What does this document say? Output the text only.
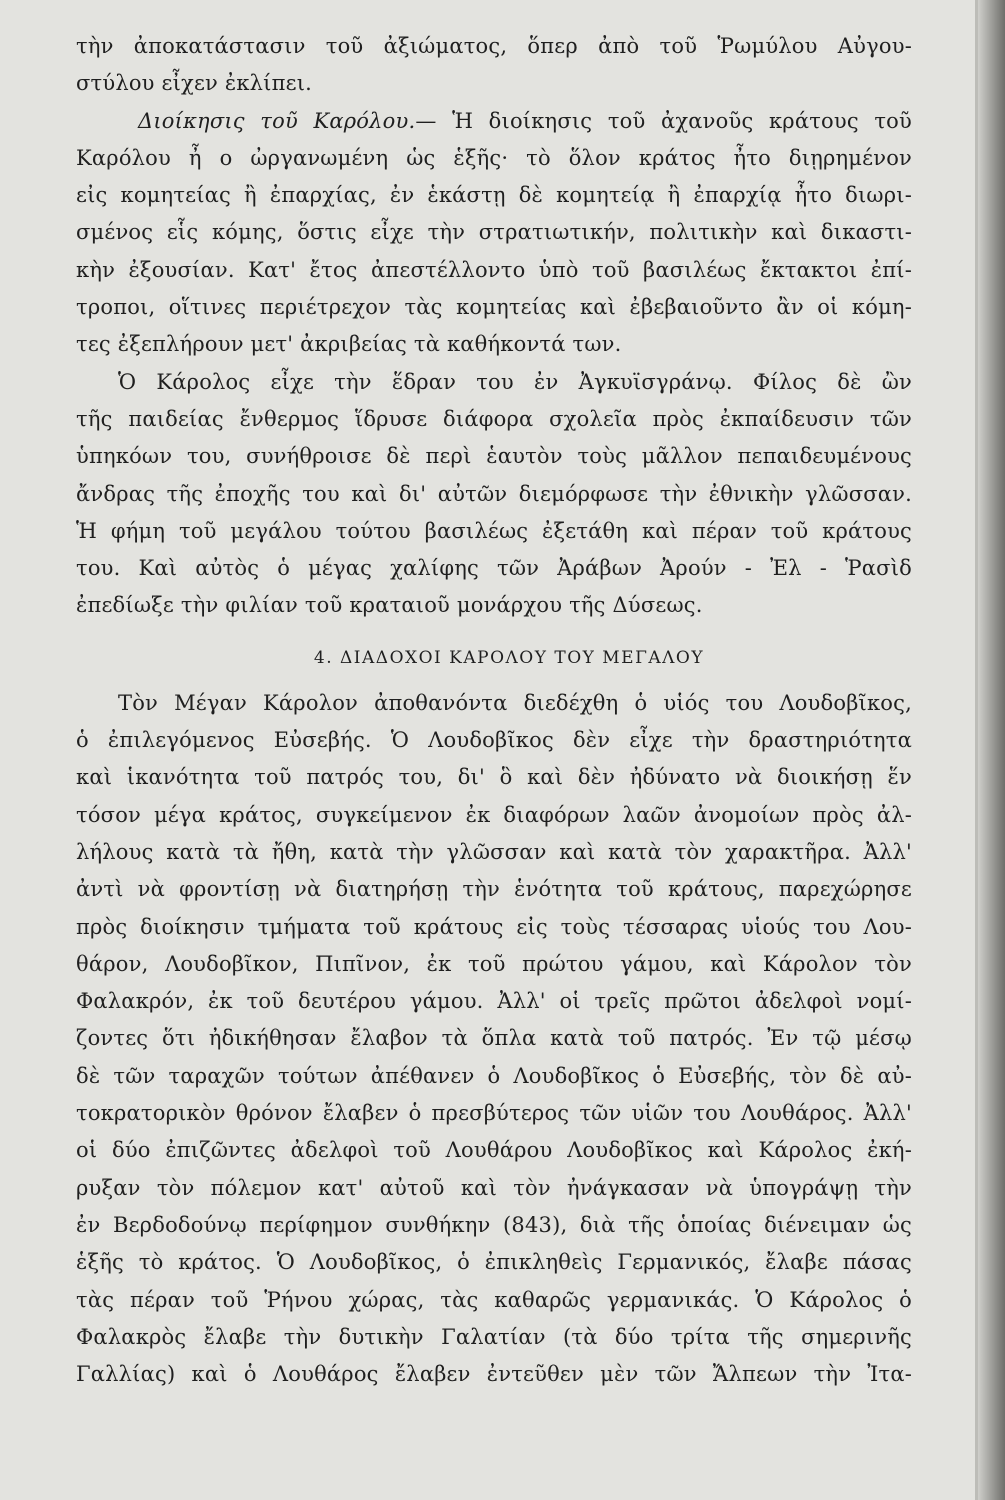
τὴν ἀποκατάστασιν τοῦ ἀξιώματος, ὅπερ ἀπὸ τοῦ Ῥωμύλου Αὐγου-
στύλου εἶχεν ἐκλίπει.
Διοίκησις τοῦ Καρόλου.— Ἡ διοίκησις τοῦ ἀχανοῦς κράτους τοῦ
Καρόλου ἦ ο ὠργανωμένη ὡς ἑξῆς· τὸ ὅλον κράτος ἦτο διῃρημένον
εἰς κομητείας ἢ ἐπαρχίας, ἐν ἑκάστῃ δὲ κομητείᾳ ἢ ἐπαρχίᾳ ἦτο διωρι-
σμένος εἷς κόμης, ὅστις εἶχε τὴν στρατιωτικήν, πολιτικὴν καὶ δικαστι-
κὴν ἐξουσίαν. Κατ' ἔτος ἀπεστέλλοντο ὑπὸ τοῦ βασιλέως ἔκτακτοι ἐπί-
τροποι, οἵτινες περιέτρεχον τὰς κομητείας καὶ ἐβεβαιοῦντο ἂν οἱ κόμη-
τες ἐξεπλήρουν μετ' ἀκριβείας τὰ καθήκοντά των.
Ὁ Κάρολος εἶχε τὴν ἕδραν του ἐν Ἀγκυϊσγράνῳ. Φίλος δὲ ὢν
τῆς παιδείας ἔνθερμος ἵδρυσε διάφορα σχολεῖα πρὸς ἐκπαίδευσιν τῶν
ὑπηκόων του, συνήθροισε δὲ περὶ ἑαυτὸν τοὺς μᾶλλον πεπαιδευμένους
ἄνδρας τῆς ἐποχῆς του καὶ δι' αὐτῶν διεμόρφωσε τὴν ἐθνικὴν γλῶσσαν.
Ἡ φήμη τοῦ μεγάλου τούτου βασιλέως ἐξετάθη καὶ πέραν τοῦ κράτους
του. Καὶ αὐτὸς ὁ μέγας χαλίφης τῶν Ἀράβων Ἀρούν - Ἐλ - Ῥασὶδ
ἐπεδίωξε τὴν φιλίαν τοῦ κραταιοῦ μονάρχου τῆς Δύσεως.
4. ΔΙΑΔΟΧΟΙ ΚΑΡΟΛΟΥ ΤΟΥ ΜΕΓΑΛΟΥ
Τὸν Μέγαν Κάρολον ἀποθανόντα διεδέχθη ὁ υἱός του Λουδοβῖκος,
ὁ ἐπιλεγόμενος Εὐσεβής. Ὁ Λουδοβῖκος δὲν εἶχε τὴν δραστηριότητα
καὶ ἱκανότητα τοῦ πατρός του, δι' ὃ καὶ δὲν ἠδύνατο νὰ διοικήσῃ ἕν
τόσον μέγα κράτος, συγκείμενον ἐκ διαφόρων λαῶν ἀνομοίων πρὸς ἀλ-
λήλους κατὰ τὰ ἤθη, κατὰ τὴν γλῶσσαν καὶ κατὰ τὸν χαρακτῆρα. Ἀλλ'
ἀντὶ νὰ φροντίσῃ νὰ διατηρήσῃ τὴν ἑνότητα τοῦ κράτους, παρεχώρησε
πρὸς διοίκησιν τμήματα τοῦ κράτους εἰς τοὺς τέσσαρας υἱούς του Λου-
θάρον, Λουδοβῖκον, Πιπῖνον, ἐκ τοῦ πρώτου γάμου, καὶ Κάρολον τὸν
Φαλακρόν, ἐκ τοῦ δευτέρου γάμου. Ἀλλ' οἱ τρεῖς πρῶτοι ἀδελφοὶ νομί-
ζοντες ὅτι ἠδικήθησαν ἔλαβον τὰ ὅπλα κατὰ τοῦ πατρός. Ἐν τῷ μέσῳ
δὲ τῶν ταραχῶν τούτων ἀπέθανεν ὁ Λουδοβῖκος ὁ Εὐσεβής, τὸν δὲ αὐ-
τοκρατορικὸν θρόνον ἔλαβεν ὁ πρεσβύτερος τῶν υἱῶν του Λουθάρος. Ἀλλ'
οἱ δύο ἐπιζῶντες ἀδελφοὶ τοῦ Λουθάρου Λουδοβῖκος καὶ Κάρολος ἐκή-
ρυξαν τὸν πόλεμον κατ' αὐτοῦ καὶ τὸν ἠνάγκασαν νὰ ὑπογράψῃ τὴν
ἐν Βερδοδούνῳ περίφημον συνθήκην (843), διὰ τῆς ὁποίας διένειμαν ὡς
ἑξῆς τὸ κράτος. Ὁ Λουδοβῖκος, ὁ ἐπικληθεὶς Γερμανικός, ἔλαβε πάσας
τὰς πέραν τοῦ Ῥήνου χώρας, τὰς καθαρῶς γερμανικάς. Ὁ Κάρολος ὁ
Φαλακρὸς ἔλαβε τὴν δυτικὴν Γαλατίαν (τὰ δύο τρίτα τῆς σημερινῆς
Γαλλίας) καὶ ὁ Λουθάρος ἔλαβεν ἐντεῦθεν μὲν τῶν Ἄλπεων τὴν Ἰτα-
